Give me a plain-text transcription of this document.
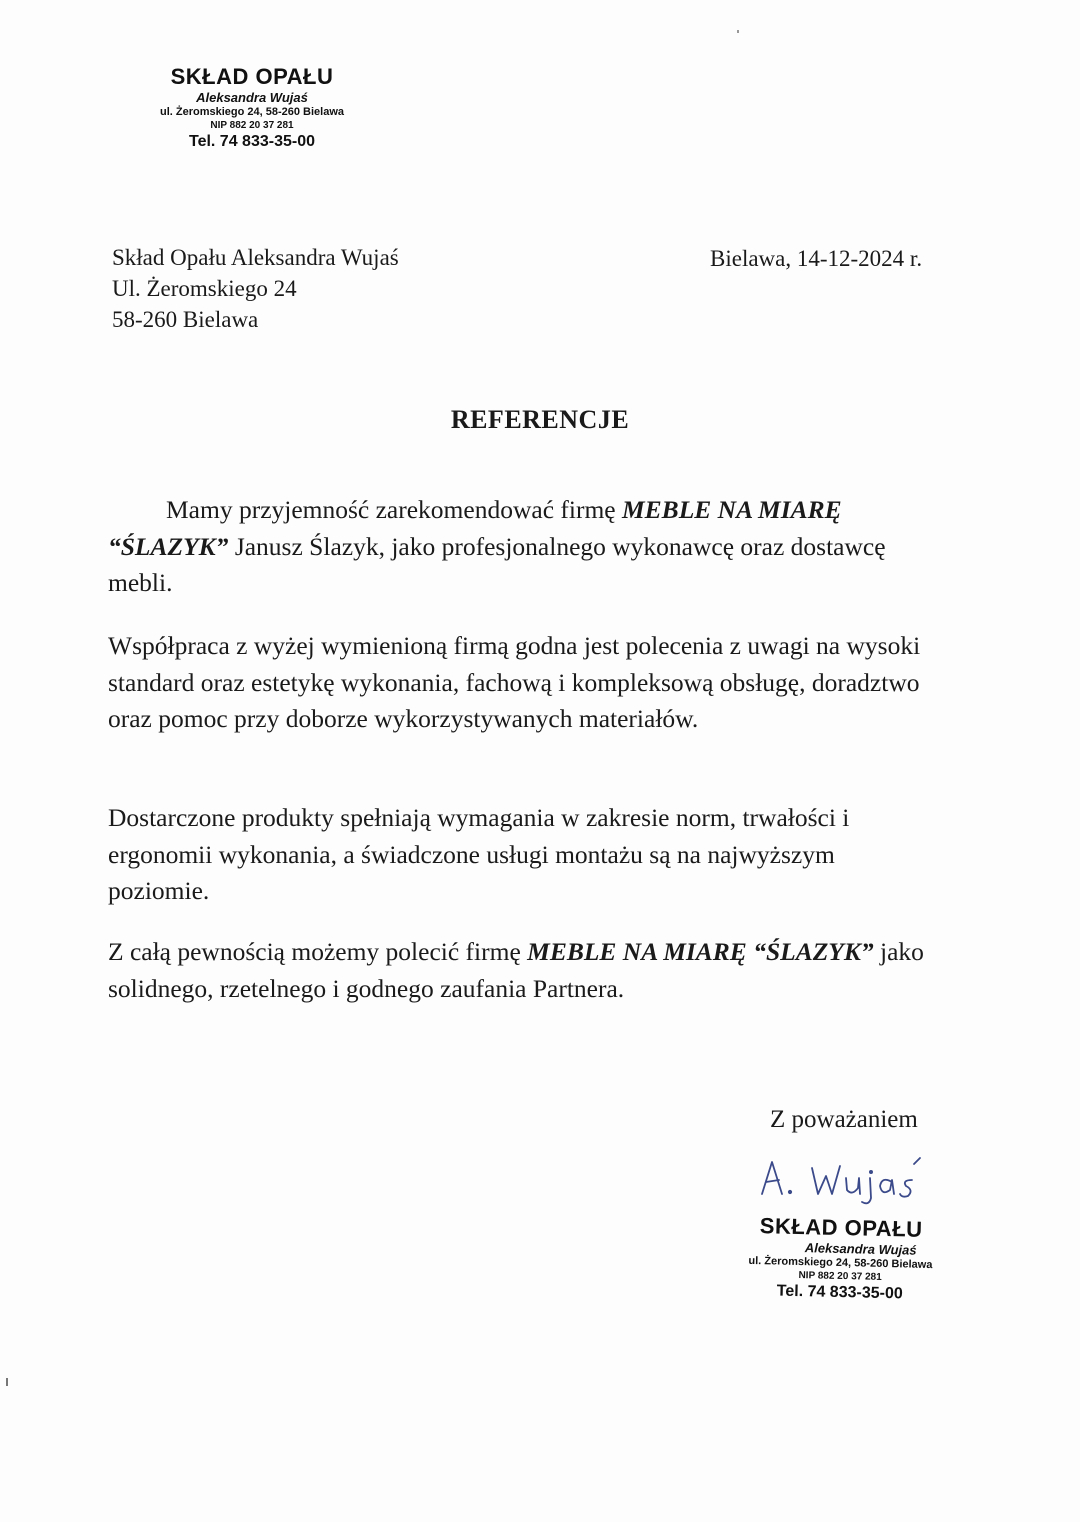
SKŁAD OPAŁU
Aleksandra Wujaś
ul. Żeromskiego 24, 58-260 Bielawa
NIP 882 20 37 281
Tel. 74 833-35-00
Skład Opału Aleksandra Wujaś
Ul. Żeromskiego 24
58-260 Bielawa
Bielawa, 14-12-2024 r.
REFERENCJE
Mamy przyjemność zarekomendować firmę MEBLE NA MIARĘ “ŚLAZYK” Janusz Ślazyk, jako profesjonalnego wykonawcę oraz dostawcę mebli.
Współpraca z wyżej wymienioną firmą godna jest polecenia z uwagi na wysoki standard oraz estetykę wykonania, fachową i kompleksową obsługę, doradztwo oraz pomoc przy doborze wykorzystywanych materiałów.
Dostarczone produkty spełniają wymagania w zakresie norm, trwałości i ergonomii wykonania, a świadczone usługi montażu są na najwyższym poziomie.
Z całą pewnością możemy polecić firmę MEBLE NA MIARĘ “ŚLAZYK” jako solidnego, rzetelnego i godnego zaufania Partnera.
Z poważaniem
SKŁAD OPAŁU
Aleksandra Wujaś
ul. Żeromskiego 24, 58-260 Bielawa
NIP 882 20 37 281
Tel. 74 833-35-00
